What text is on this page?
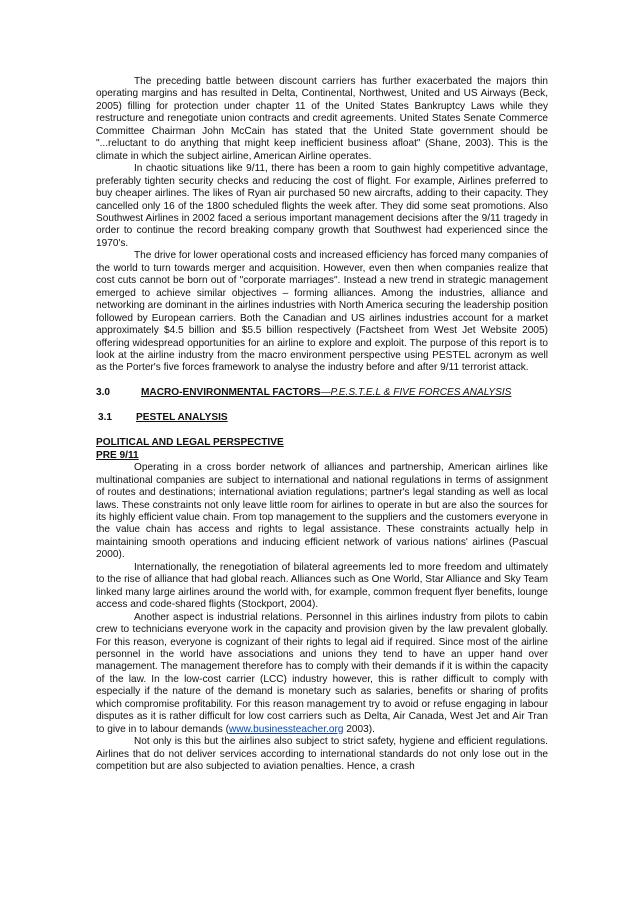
The preceding battle between discount carriers has further exacerbated the majors thin operating margins and has resulted in Delta, Continental, Northwest, United and US Airways (Beck, 2005) filling for protection under chapter 11 of the United States Bankruptcy Laws while they restructure and renegotiate union contracts and credit agreements. United States Senate Commerce Committee Chairman John McCain has stated that the United State government should be "...reluctant to do anything that might keep inefficient business afloat" (Shane, 2003). This is the climate in which the subject airline, American Airline operates.

In chaotic situations like 9/11, there has been a room to gain highly competitive advantage, preferably tighten security checks and reducing the cost of flight. For example, Airlines preferred to buy cheaper airlines. The likes of Ryan air purchased 50 new aircrafts, adding to their capacity. They cancelled only 16 of the 1800 scheduled flights the week after. They did some seat promotions. Also Southwest Airlines in 2002 faced a serious important management decisions after the 9/11 tragedy in order to continue the record breaking company growth that Southwest had experienced since the 1970's.

The drive for lower operational costs and increased efficiency has forced many companies of the world to turn towards merger and acquisition. However, even then when companies realize that cost cuts cannot be born out of "corporate marriages". Instead a new trend in strategic management emerged to achieve similar objectives – forming alliances. Among the industries, alliance and networking are dominant in the airlines industries with North America securing the leadership position followed by European carriers. Both the Canadian and US airlines industries account for a market approximately $4.5 billion and $5.5 billion respectively (Factsheet from West Jet Website 2005) offering widespread opportunities for an airline to explore and exploit. The purpose of this report is to look at the airline industry from the macro environment perspective using PESTEL acronym as well as the Porter's five forces framework to analyse the industry before and after 9/11 terrorist attack.

3.0	MACRO-ENVIRONMENTAL FACTORS—P.E.S.T.E.L & FIVE FORCES ANALYSIS
3.1 PESTEL ANALYSIS
POLITICAL AND LEGAL PERSPECTIVE
PRE 9/11

Operating in a cross border network of alliances and partnership, American airlines like multinational companies are subject to international and national regulations in terms of assignment of routes and destinations; international aviation regulations; partner's legal standing as well as local laws. These constraints not only leave little room for airlines to operate in but are also the sources for its highly efficient value chain. From top management to the suppliers and the customers everyone in the value chain has access and rights to legal assistance. These constraints actually help in maintaining smooth operations and inducing efficient network of various nations' airlines (Pascual 2000).

Internationally, the renegotiation of bilateral agreements led to more freedom and ultimately to the rise of alliance that had global reach. Alliances such as One World, Star Alliance and Sky Team linked many large airlines around the world with, for example, common frequent flyer benefits, lounge access and code-shared flights (Stockport, 2004).

Another aspect is industrial relations. Personnel in this airlines industry from pilots to cabin crew to technicians everyone work in the capacity and provision given by the law prevalent globally. For this reason, everyone is cognizant of their rights to legal aid if required. Since most of the airline personnel in the world have associations and unions they tend to have an upper hand over management. The management therefore has to comply with their demands if it is within the capacity of the law. In the low-cost carrier (LCC) industry however, this is rather difficult to comply with especially if the nature of the demand is monetary such as salaries, benefits or sharing of profits which compromise profitability. For this reason management try to avoid or refuse engaging in labour disputes as it is rather difficult for low cost carriers such as Delta, Air Canada, West Jet and Air Tran to give in to labour demands (www.businessteacher.org 2003).

Not only is this but the airlines also subject to strict safety, hygiene and efficient regulations. Airlines that do not deliver services according to international standards do not only lose out in the competition but are also subjected to aviation penalties. Hence, a crash
